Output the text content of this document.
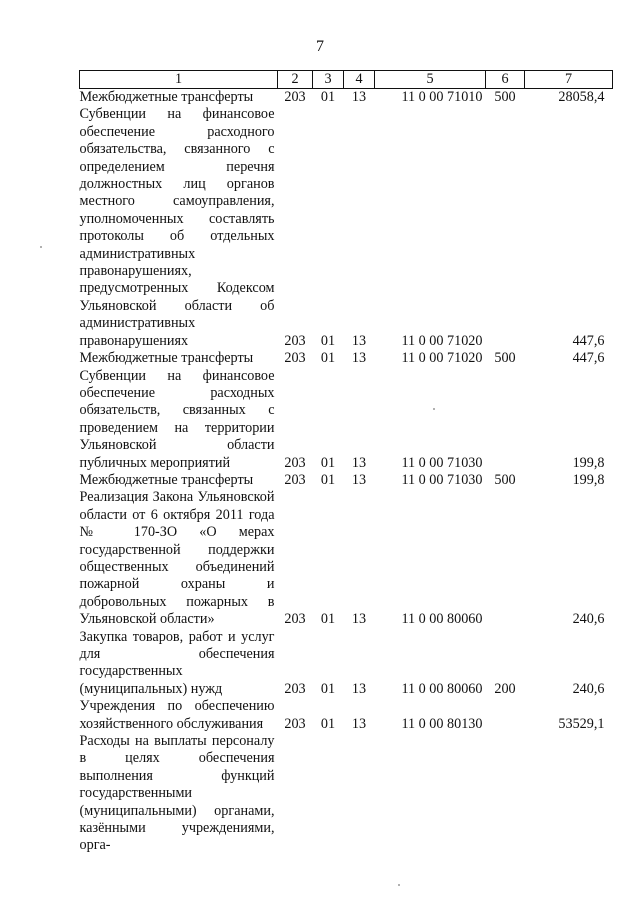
7
1	2	3	4	5	6	7
Межбюджетные трансферты	203	01	13	11 0 00 71010	500	28058,4
Субвенции на финансовое обеспечение расходного обязательства, связанного с определением перечня должностных лиц органов местного самоуправления, уполномоченных составлять протоколы об отдельных административных правонарушениях, предусмотренных Кодексом Ульяновской области об административных правонарушениях	203	01	13	11 0 00 71020		447,6
Межбюджетные трансферты	203	01	13	11 0 00 71020	500	447,6
Субвенции на финансовое обеспечение расходных обязательств, связанных с проведением на территории Ульяновской области публичных мероприятий	203	01	13	11 0 00 71030		199,8
Межбюджетные трансферты	203	01	13	11 0 00 71030	500	199,8
Реализация Закона Ульяновской области от 6 октября 2011 года № 170-ЗО «О мерах государственной поддержки общественных объединений пожарной охраны и добровольных пожарных в Ульяновской области»	203	01	13	11 0 00 80060		240,6
Закупка товаров, работ и услуг для обеспечения государственных (муниципальных) нужд	203	01	13	11 0 00 80060	200	240,6
Учреждения по обеспечению хозяйственного обслуживания	203	01	13	11 0 00 80130		53529,1
Расходы на выплаты персоналу в целях обеспечения выполнения функций государственными (муниципальными) органами, казёнными учреждениями, орга-						
